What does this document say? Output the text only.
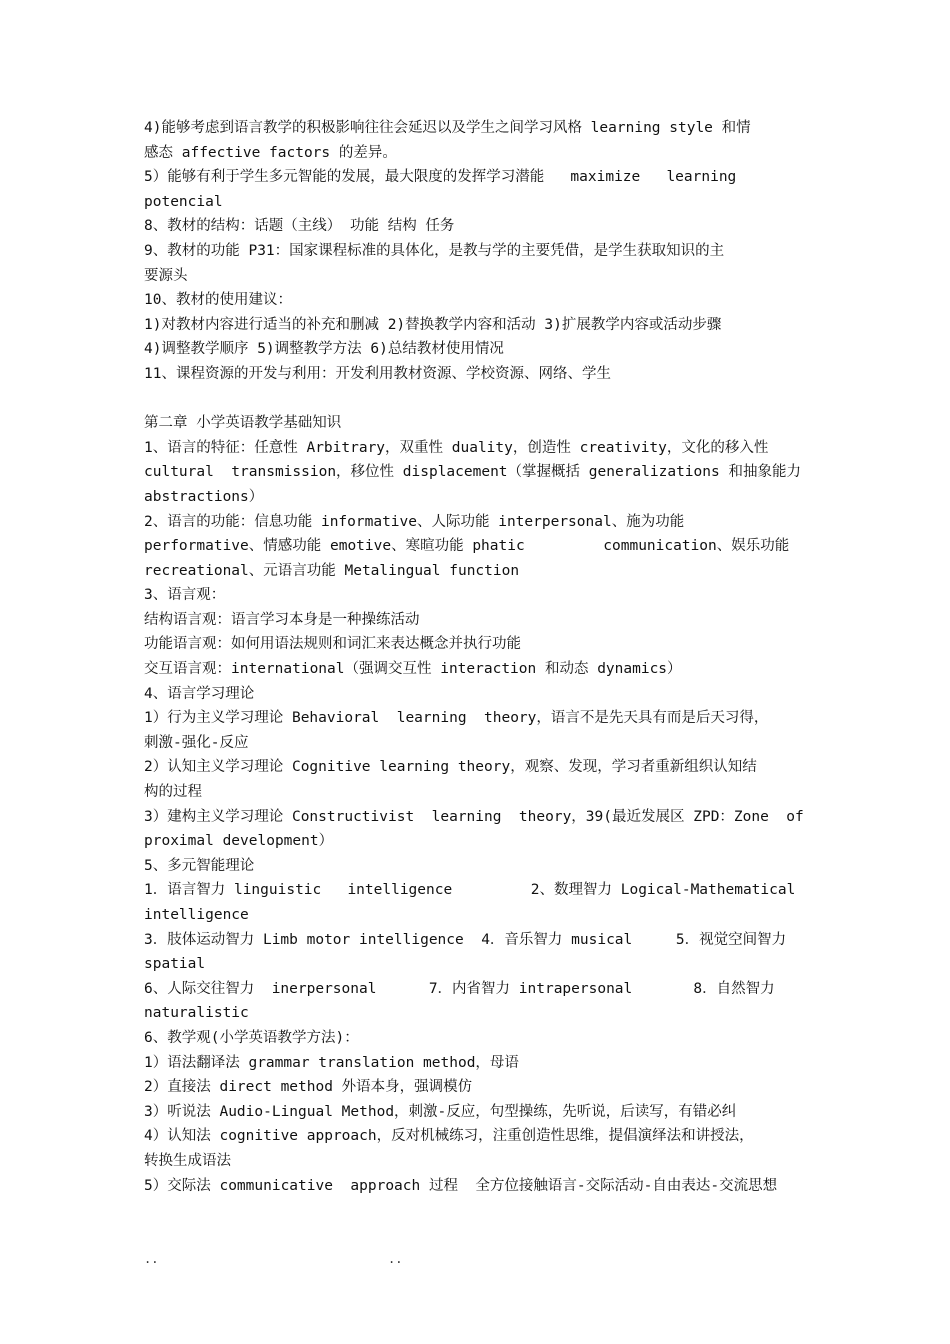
4)能够考虑到语言教学的积极影响往往会延迟以及学生之间学习风格 learning style 和情
感态 affective factors 的差异。
5）能够有利于学生多元智能的发展，最大限度的发挥学习潜能   maximize   learning
potencial
8、教材的结构：话题（主线） 功能 结构 任务
9、教材的功能 P31：国家课程标准的具体化，是教与学的主要凭借，是学生获取知识的主
要源头
10、教材的使用建议：
1)对教材内容进行适当的补充和删减 2)替换教学内容和活动 3)扩展教学内容或活动步骤
4)调整教学顺序 5)调整教学方法 6)总结教材使用情况
11、课程资源的开发与利用：开发利用教材资源、学校资源、网络、学生
第二章 小学英语教学基础知识
1、语言的特征：任意性 Arbitrary，双重性 duality，创造性 creativity，文化的移入性
cultural  transmission，移位性 displacement（掌握概括 generalizations 和抽象能力
abstractions）
2、语言的功能：信息功能 informative、人际功能 interpersonal、施为功能
performative、情感功能 emotive、寒暄功能 phatic         communication、娱乐功能
recreational、元语言功能 Metalingual function
3、语言观：
结构语言观：语言学习本身是一种操练活动
功能语言观：如何用语法规则和词汇来表达概念并执行功能
交互语言观：international（强调交互性 interaction 和动态 dynamics）
4、语言学习理论
1）行为主义学习理论 Behavioral  learning  theory，语言不是先天具有而是后天习得，
刺激-强化-反应
2）认知主义学习理论 Cognitive learning theory，观察、发现，学习者重新组织认知结
构的过程
3）建构主义学习理论 Constructivist  learning  theory，39(最近发展区 ZPD：Zone  of
proximal development）
5、多元智能理论
1．语言智力 linguistic   intelligence         2、数理智力 Logical-Mathematical
intelligence
3．肢体运动智力 Limb motor intelligence  4．音乐智力 musical     5．视觉空间智力
spatial
6、人际交往智力  inerpersonal      7．内省智力 intrapersonal       8．自然智力
naturalistic
6、教学观(小学英语教学方法)：
1）语法翻译法 grammar translation method，母语
2）直接法 direct method 外语本身，强调模仿
3）听说法 Audio-Lingual Method，刺激-反应，句型操练，先听说，后读写，有错必纠
4）认知法 cognitive approach，反对机械练习，注重创造性思维，提倡演绎法和讲授法，
转换生成语法
5）交际法 communicative  approach 过程  全方位接触语言-交际活动-自由表达-交流思想
..	..
